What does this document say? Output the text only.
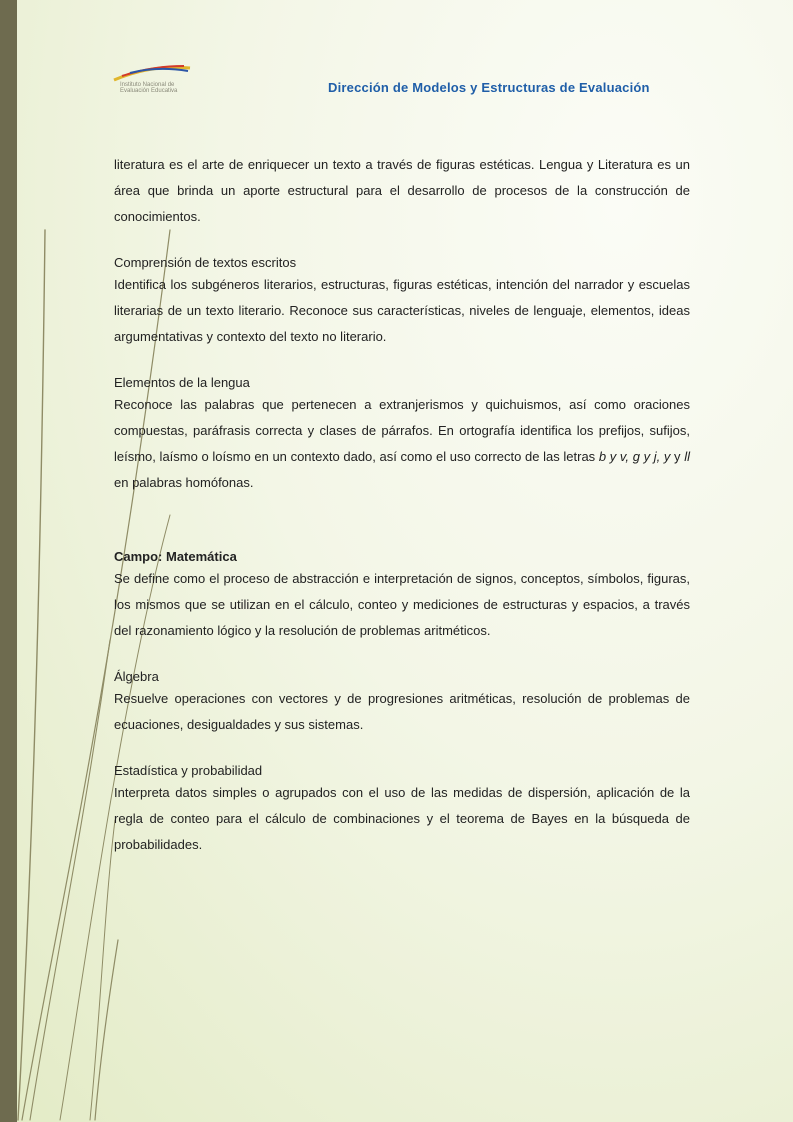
Instituto Nacional de Evaluación Educativa	Dirección de Modelos y Estructuras de Evaluación

literatura es el arte de enriquecer un texto a través de figuras estéticas. Lengua y Literatura es un área que brinda un aporte estructural para el desarrollo de procesos de la construcción de conocimientos.

Comprensión de textos escritos

Identifica los subgéneros literarios, estructuras, figuras estéticas, intención del narrador y escuelas literarias de un texto literario. Reconoce sus características, niveles de lenguaje, elementos, ideas argumentativas y contexto del texto no literario.

Elementos de la lengua

Reconoce las palabras que pertenecen a extranjerismos y quichuismos, así como oraciones compuestas, paráfrasis correcta y clases de párrafos. En ortografía identifica los prefijos, sufijos, leísmo, laísmo o loísmo en un contexto dado, así como el uso correcto de las letras b y v, g y j, y y ll en palabras homófonas.

Campo: Matemática

Se define como el proceso de abstracción e interpretación de signos, conceptos, símbolos, figuras, los mismos que se utilizan en el cálculo, conteo y mediciones de estructuras y espacios, a través del razonamiento lógico y la resolución de problemas aritméticos.

Álgebra

Resuelve operaciones con vectores y de progresiones aritméticas, resolución de problemas de ecuaciones, desigualdades y sus sistemas.

Estadística y probabilidad

Interpreta datos simples o agrupados con el uso de las medidas de dispersión, aplicación de la regla de conteo para el cálculo de combinaciones y el teorema de Bayes en la búsqueda de probabilidades.
